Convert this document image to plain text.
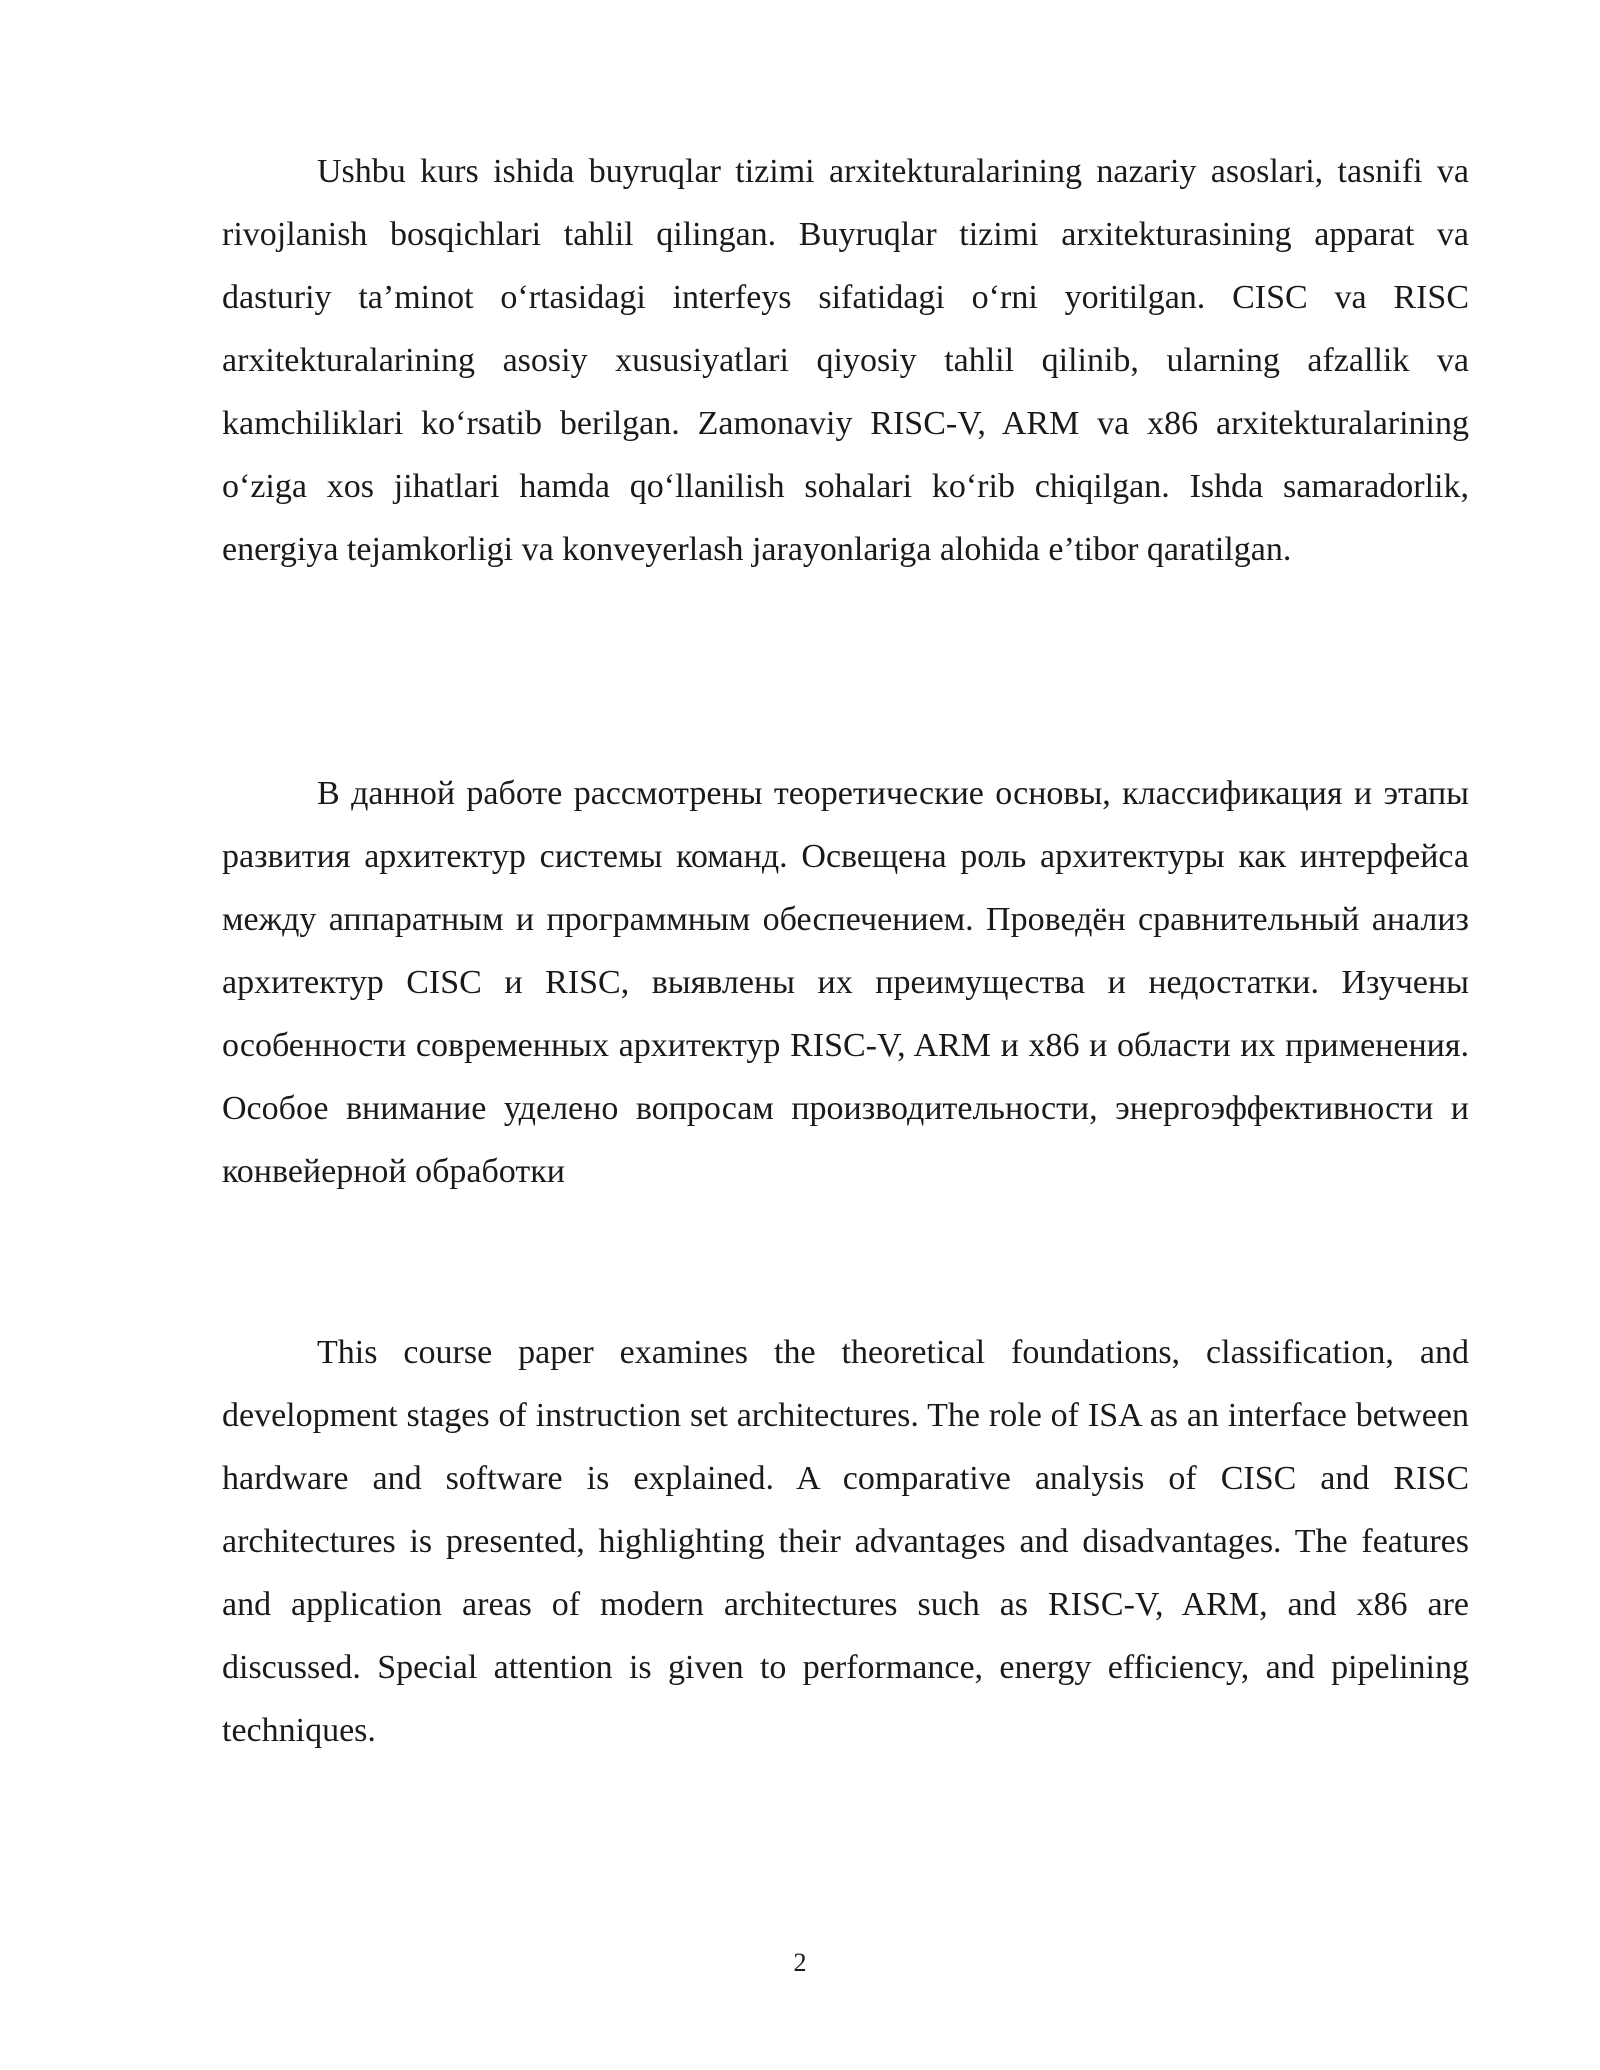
Ushbu kurs ishida buyruqlar tizimi arxitekturalarining nazariy asoslari, tasnifi va rivojlanish bosqichlari tahlil qilingan. Buyruqlar tizimi arxitekturasining apparat va dasturiy ta’minot o‘rtasidagi interfeys sifatidagi o‘rni yoritilgan. CISC va RISC arxitekturalarining asosiy xususiyatlari qiyosiy tahlil qilinib, ularning afzallik va kamchiliklari ko‘rsatib berilgan. Zamonaviy RISC-V, ARM va x86 arxitekturalarining o‘ziga xos jihatlari hamda qo‘llanilish sohalari ko‘rib chiqilgan. Ishda samaradorlik, energiya tejamkorligi va konveyerlash jarayonlariga alohida e’tibor qaratilgan.

В данной работе рассмотрены теоретические основы, классификация и этапы развития архитектур системы команд. Освещена роль архитектуры как интерфейса между аппаратным и программным обеспечением. Проведён сравнительный анализ архитектур CISC и RISC, выявлены их преимущества и недостатки. Изучены особенности современных архитектур RISC-V, ARM и x86 и области их применения. Особое внимание уделено вопросам производительности, энергоэффективности и конвейерной обработки

This course paper examines the theoretical foundations, classification, and development stages of instruction set architectures. The role of ISA as an interface between hardware and software is explained. A comparative analysis of CISC and RISC architectures is presented, highlighting their advantages and disadvantages. The features and application areas of modern architectures such as RISC-V, ARM, and x86 are discussed. Special attention is given to performance, energy efficiency, and pipelining techniques.

2
